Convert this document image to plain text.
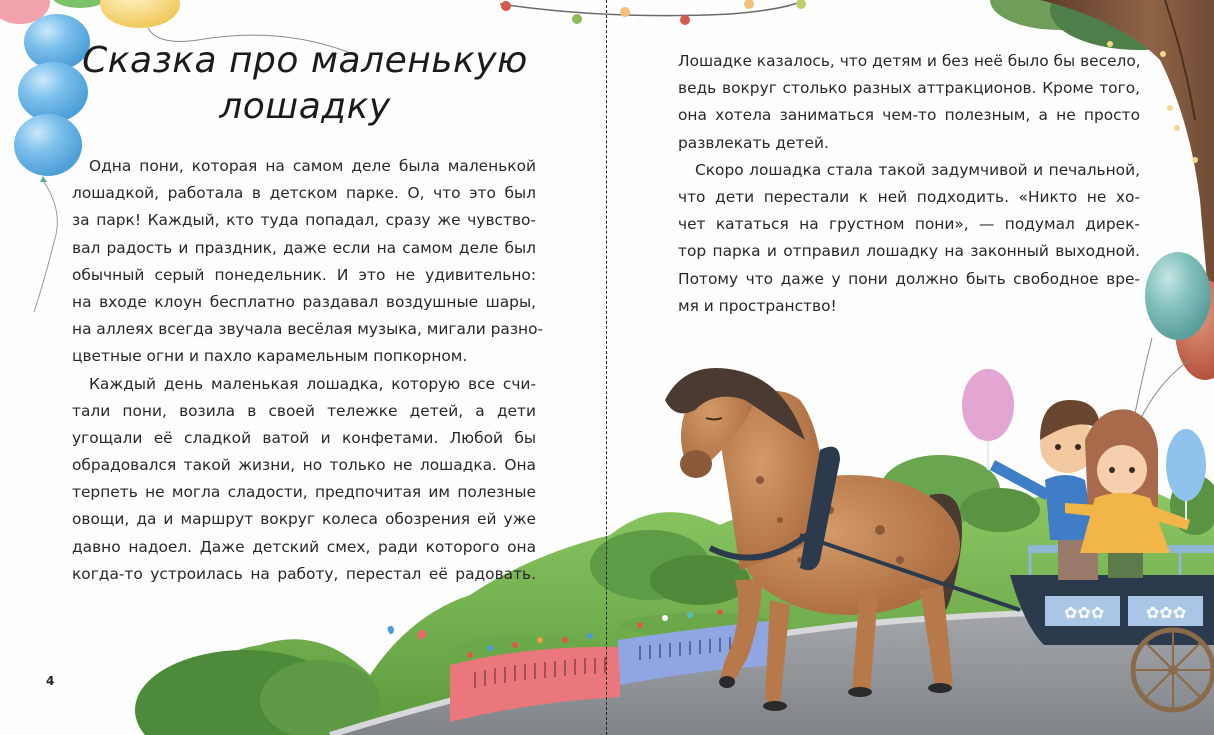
✿✿✿	✿✿✿
Сказка про маленькую
лошадку
Одна пони, которая на самом деле была маленькой
лошадкой, работала в детском парке. О, что это был
за парк! Каждый, кто туда попадал, сразу же чувство-
вал радость и праздник, даже если на самом деле был
обычный серый понедельник. И это не удивительно:
на входе клоун бесплатно раздавал воздушные шары,
на аллеях всегда звучала весёлая музыка, мигали разно-
цветные огни и пахло карамельным попкорном.
Каждый день маленькая лошадка, которую все счи-
тали пони, возила в своей тележке детей, а дети
угощали её сладкой ватой и конфетами. Любой бы
обрадовался такой жизни, но только не лошадка. Она
терпеть не могла сладости, предпочитая им полезные
овощи, да и маршрут вокруг колеса обозрения ей уже
давно надоел. Даже детский смех, ради которого она
когда-то устроилась на работу, перестал её радовать.
Лошадке казалось, что детям и без неё было бы весело,
ведь вокруг столько разных аттракционов. Кроме того,
она хотела заниматься чем-то полезным, а не просто
развлекать детей.
Скоро лошадка стала такой задумчивой и печальной,
что дети перестали к ней подходить. «Никто не хо-
чет кататься на грустном пони», — подумал дирек-
тор парка и отправил лошадку на законный выходной.
Потому что даже у пони должно быть свободное вре-
мя и пространство!
4
